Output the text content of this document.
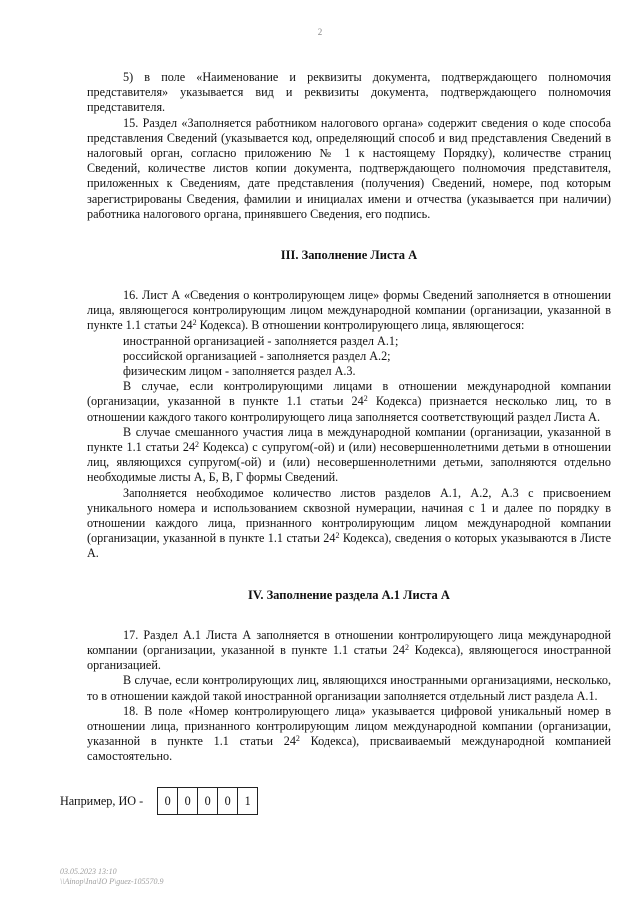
2

5) в поле «Наименование и реквизиты документа, подтверждающего полномочия представителя» указывается вид и реквизиты документа, подтверждающего полномочия представителя.

15. Раздел «Заполняется работником налогового органа» содержит сведения о коде способа представления Сведений (указывается код, определяющий способ и вид представления Сведений в налоговый орган, согласно приложению № 1 к настоящему Порядку), количестве страниц Сведений, количестве листов копии документа, подтверждающего полномочия представителя, приложенных к Сведениям, дате представления (получения) Сведений, номере, под которым зарегистрированы Сведения, фамилии и инициалах имени и отчества (указывается при наличии) работника налогового органа, принявшего Сведения, его подпись.

III. Заполнение Листа А

16. Лист А «Сведения о контролирующем лице» формы Сведений заполняется в отношении лица, являющегося контролирующим лицом международной компании (организации, указанной в пункте 1.1 статьи $24^2$ Кодекса). В отношении контролирующего лица, являющегося:

иностранной организацией - заполняется раздел А.1;

российской организацией - заполняется раздел А.2;

физическим лицом - заполняется раздел А.3.

В случае, если контролирующими лицами в отношении международной компании (организации, указанной в пункте 1.1 статьи $24^2$ Кодекса) признается несколько лиц, то в отношении каждого такого контролирующего лица заполняется соответствующий раздел Листа А.

В случае смешанного участия лица в международной компании (организации, указанной в пункте 1.1 статьи $24^2$ Кодекса) с супругом(-ой) и (или) несовершеннолетними детьми в отношении лиц, являющихся супругом(-ой) и (или) несовершеннолетними детьми, заполняются отдельно необходимые листы А, Б, В, Г формы Сведений.

Заполняется необходимое количество листов разделов А.1, А.2, А.3 с присвоением уникального номера и использованием сквозной нумерации, начиная с 1 и далее по порядку в отношении каждого лица, признанного контролирующим лицом международной компании (организации, указанной в пункте 1.1 статьи $24^2$ Кодекса), сведения о которых указываются в Листе А.

IV. Заполнение раздела А.1 Листа А

17. Раздел А.1 Листа А заполняется в отношении контролирующего лица международной компании (организации, указанной в пункте 1.1 статьи $24^2$ Кодекса), являющегося иностранной организацией.

В случае, если контролирующих лиц, являющихся иностранными организациями, несколько, то в отношении каждой такой иностранной организации заполняется отдельный лист раздела А.1.

18. В поле «Номер контролирующего лица» указывается цифровой уникальный номер в отношении лица, признанного контролирующим лицом международной компании (организации, указанной в пункте 1.1 статьи $24^2$ Кодекса), присваиваемый международной компанией самостоятельно.

Например, ИО -	0	0	0	0	1
03.05.2023 13:10
\\Ainop\Ina\IO P\guez-105570.9
